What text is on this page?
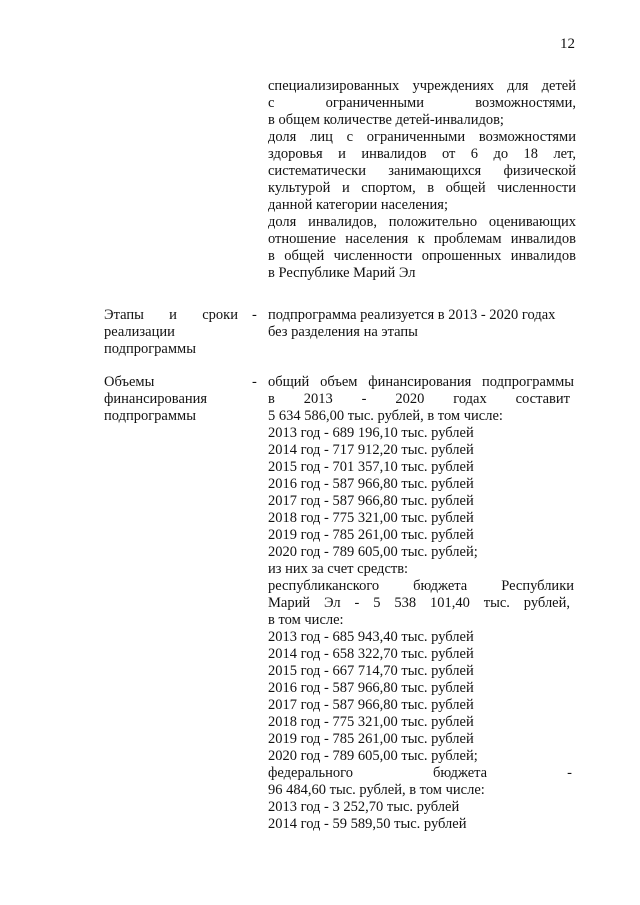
12
специализированных учреждениях для детей
с ограниченными возможностями,
в общем количестве детей-инвалидов;
доля лиц с ограниченными возможностями
здоровья и инвалидов от 6 до 18 лет,
систематически занимающихся физической
культурой и спортом, в общей численности
данной категории населения;
доля инвалидов, положительно оценивающих
отношение населения к проблемам инвалидов
в общей численности опрошенных инвалидов
в Республике Марий Эл
Этапы и сроки
реализации
подпрограммы
- подпрограмма реализуется в 2013 - 2020 годах
без разделения на этапы
Объемы
финансирования
подпрограммы
- общий объем финансирования подпрограммы
в 2013 - 2020 годах составит
5 634 586,00 тыс. рублей, в том числе:
2013 год - 689 196,10 тыс. рублей
2014 год - 717 912,20 тыс. рублей
2015 год - 701 357,10 тыс. рублей
2016 год - 587 966,80 тыс. рублей
2017 год - 587 966,80 тыс. рублей
2018 год - 775 321,00 тыс. рублей
2019 год - 785 261,00 тыс. рублей
2020 год - 789 605,00 тыс. рублей;
из них за счет средств:
республиканского бюджета Республики
Марий Эл - 5 538 101,40 тыс. рублей,
в том числе:
2013 год - 685 943,40 тыс. рублей
2014 год - 658 322,70 тыс. рублей
2015 год - 667 714,70 тыс. рублей
2016 год - 587 966,80 тыс. рублей
2017 год - 587 966,80 тыс. рублей
2018 год - 775 321,00 тыс. рублей
2019 год - 785 261,00 тыс. рублей
2020 год - 789 605,00 тыс. рублей;
федерального бюджета -
96 484,60 тыс. рублей, в том числе:
2013 год - 3 252,70 тыс. рублей
2014 год - 59 589,50 тыс. рублей
